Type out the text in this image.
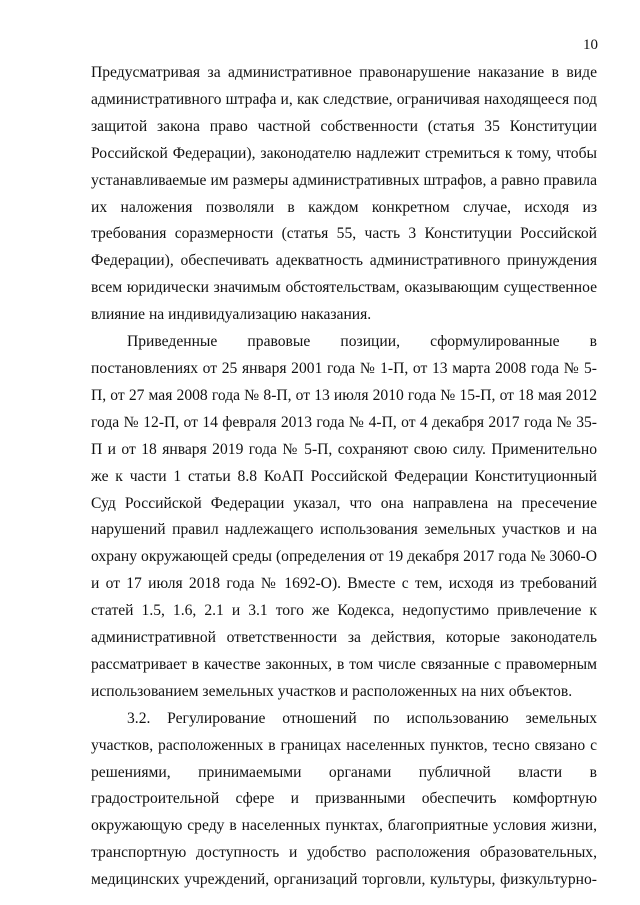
10

Предусматривая за административное правонарушение наказание в виде административного штрафа и, как следствие, ограничивая находящееся под защитой закона право частной собственности (статья 35 Конституции Российской Федерации), законодателю надлежит стремиться к тому, чтобы устанавливаемые им размеры административных штрафов, а равно правила их наложения позволяли в каждом конкретном случае, исходя из требования соразмерности (статья 55, часть 3 Конституции Российской Федерации), обеспечивать адекватность административного принуждения всем юридически значимым обстоятельствам, оказывающим существенное влияние на индивидуализацию наказания.

Приведенные правовые позиции, сформулированные в постановлениях от 25 января 2001 года № 1-П, от 13 марта 2008 года № 5-П, от 27 мая 2008 года № 8-П, от 13 июля 2010 года № 15-П, от 18 мая 2012 года № 12-П, от 14 февраля 2013 года № 4-П, от 4 декабря 2017 года № 35-П и от 18 января 2019 года № 5-П, сохраняют свою силу. Применительно же к части 1 статьи 8.8 КоАП Российской Федерации Конституционный Суд Российской Федерации указал, что она направлена на пресечение нарушений правил надлежащего использования земельных участков и на охрану окружающей среды (определения от 19 декабря 2017 года № 3060-О и от 17 июля 2018 года № 1692-О). Вместе с тем, исходя из требований статей 1.5, 1.6, 2.1 и 3.1 того же Кодекса, недопустимо привлечение к административной ответственности за действия, которые законодатель рассматривает в качестве законных, в том числе связанные с правомерным использованием земельных участков и расположенных на них объектов.

3.2. Регулирование отношений по использованию земельных участков, расположенных в границах населенных пунктов, тесно связано с решениями, принимаемыми органами публичной власти в градостроительной сфере и призванными обеспечить комфортную окружающую среду в населенных пунктах, благоприятные условия жизни, транспортную доступность и удобство расположения образовательных, медицинских учреждений, организаций торговли, культуры, физкультурно-
